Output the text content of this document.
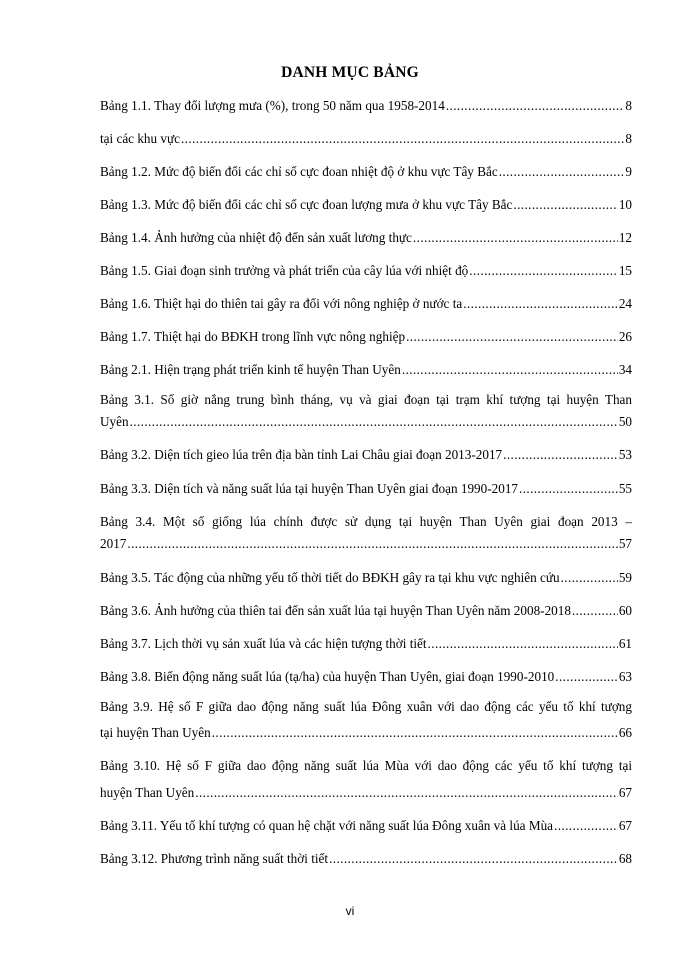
DANH MỤC BẢNG
Bảng 1.1. Thay đổi lượng mưa (%), trong 50 năm qua 1958-2014 .....	8
tại các khu vực .....	8
Bảng 1.2. Mức độ biến đổi các chỉ số cực đoan nhiệt độ ở khu vực Tây Bắc .....	9
Bảng 1.3. Mức độ biến đổi các chỉ số cực đoan lượng mưa ở khu vực Tây Bắc .....	10
Bảng 1.4. Ảnh hưởng của nhiệt độ đến sản xuất lương thực .....	12
Bảng 1.5. Giai đoạn sinh trưởng và phát triển của cây lúa với nhiệt độ .....	15
Bảng 1.6. Thiệt hại do thiên tai gây ra đối với nông nghiệp ở nước ta .....	24
Bảng 1.7. Thiệt hại do BĐKH trong lĩnh vực nông nghiệp .....	26
Bảng 2.1. Hiện trạng phát triển kinh tế huyện Than Uyên .....	34
Bảng 3.1. Số giờ nắng trung bình tháng, vụ và giai đoạn tại trạm khí tượng tại huyện Than
Uyên .....	50
Bảng 3.2. Diện tích gieo lúa trên địa bàn tỉnh Lai Châu giai đoạn 2013-2017 .....	53
Bảng 3.3. Diện tích và năng suất lúa tại huyện Than Uyên giai đoạn 1990-2017 .....	55
Bảng 3.4. Một số giống lúa chính được sử dụng tại huyện Than Uyên giai đoạn 2013 –
2017 .....	57
Bảng 3.5. Tác động của những yếu tố thời tiết do BĐKH gây ra tại khu vực nghiên cứu .....	59
Bảng 3.6. Ảnh hưởng của thiên tai đến sản xuất lúa tại huyện Than Uyên năm 2008-2018 .....	60
Bảng 3.7. Lịch thời vụ sản xuất lúa và các hiện tượng thời tiết .....	61
Bảng 3.8. Biến động năng suất lúa (tạ/ha) của huyện Than Uyên, giai đoạn 1990-2010 .....	63
Bảng 3.9. Hệ số F giữa dao động năng suất lúa Đông xuân với dao động các yếu tố khí tượng
tại huyện Than Uyên .....	66
Bảng 3.10. Hệ số F giữa dao động năng suất lúa Mùa với dao động các yếu tố khí tượng tại
huyện Than Uyên .....	67
Bảng 3.11. Yếu tố khí tượng có quan hệ chặt với năng suất lúa Đông xuân và lúa Mùa .....	67
Bảng 3.12. Phương trình năng suất thời tiết .....	68
vi
